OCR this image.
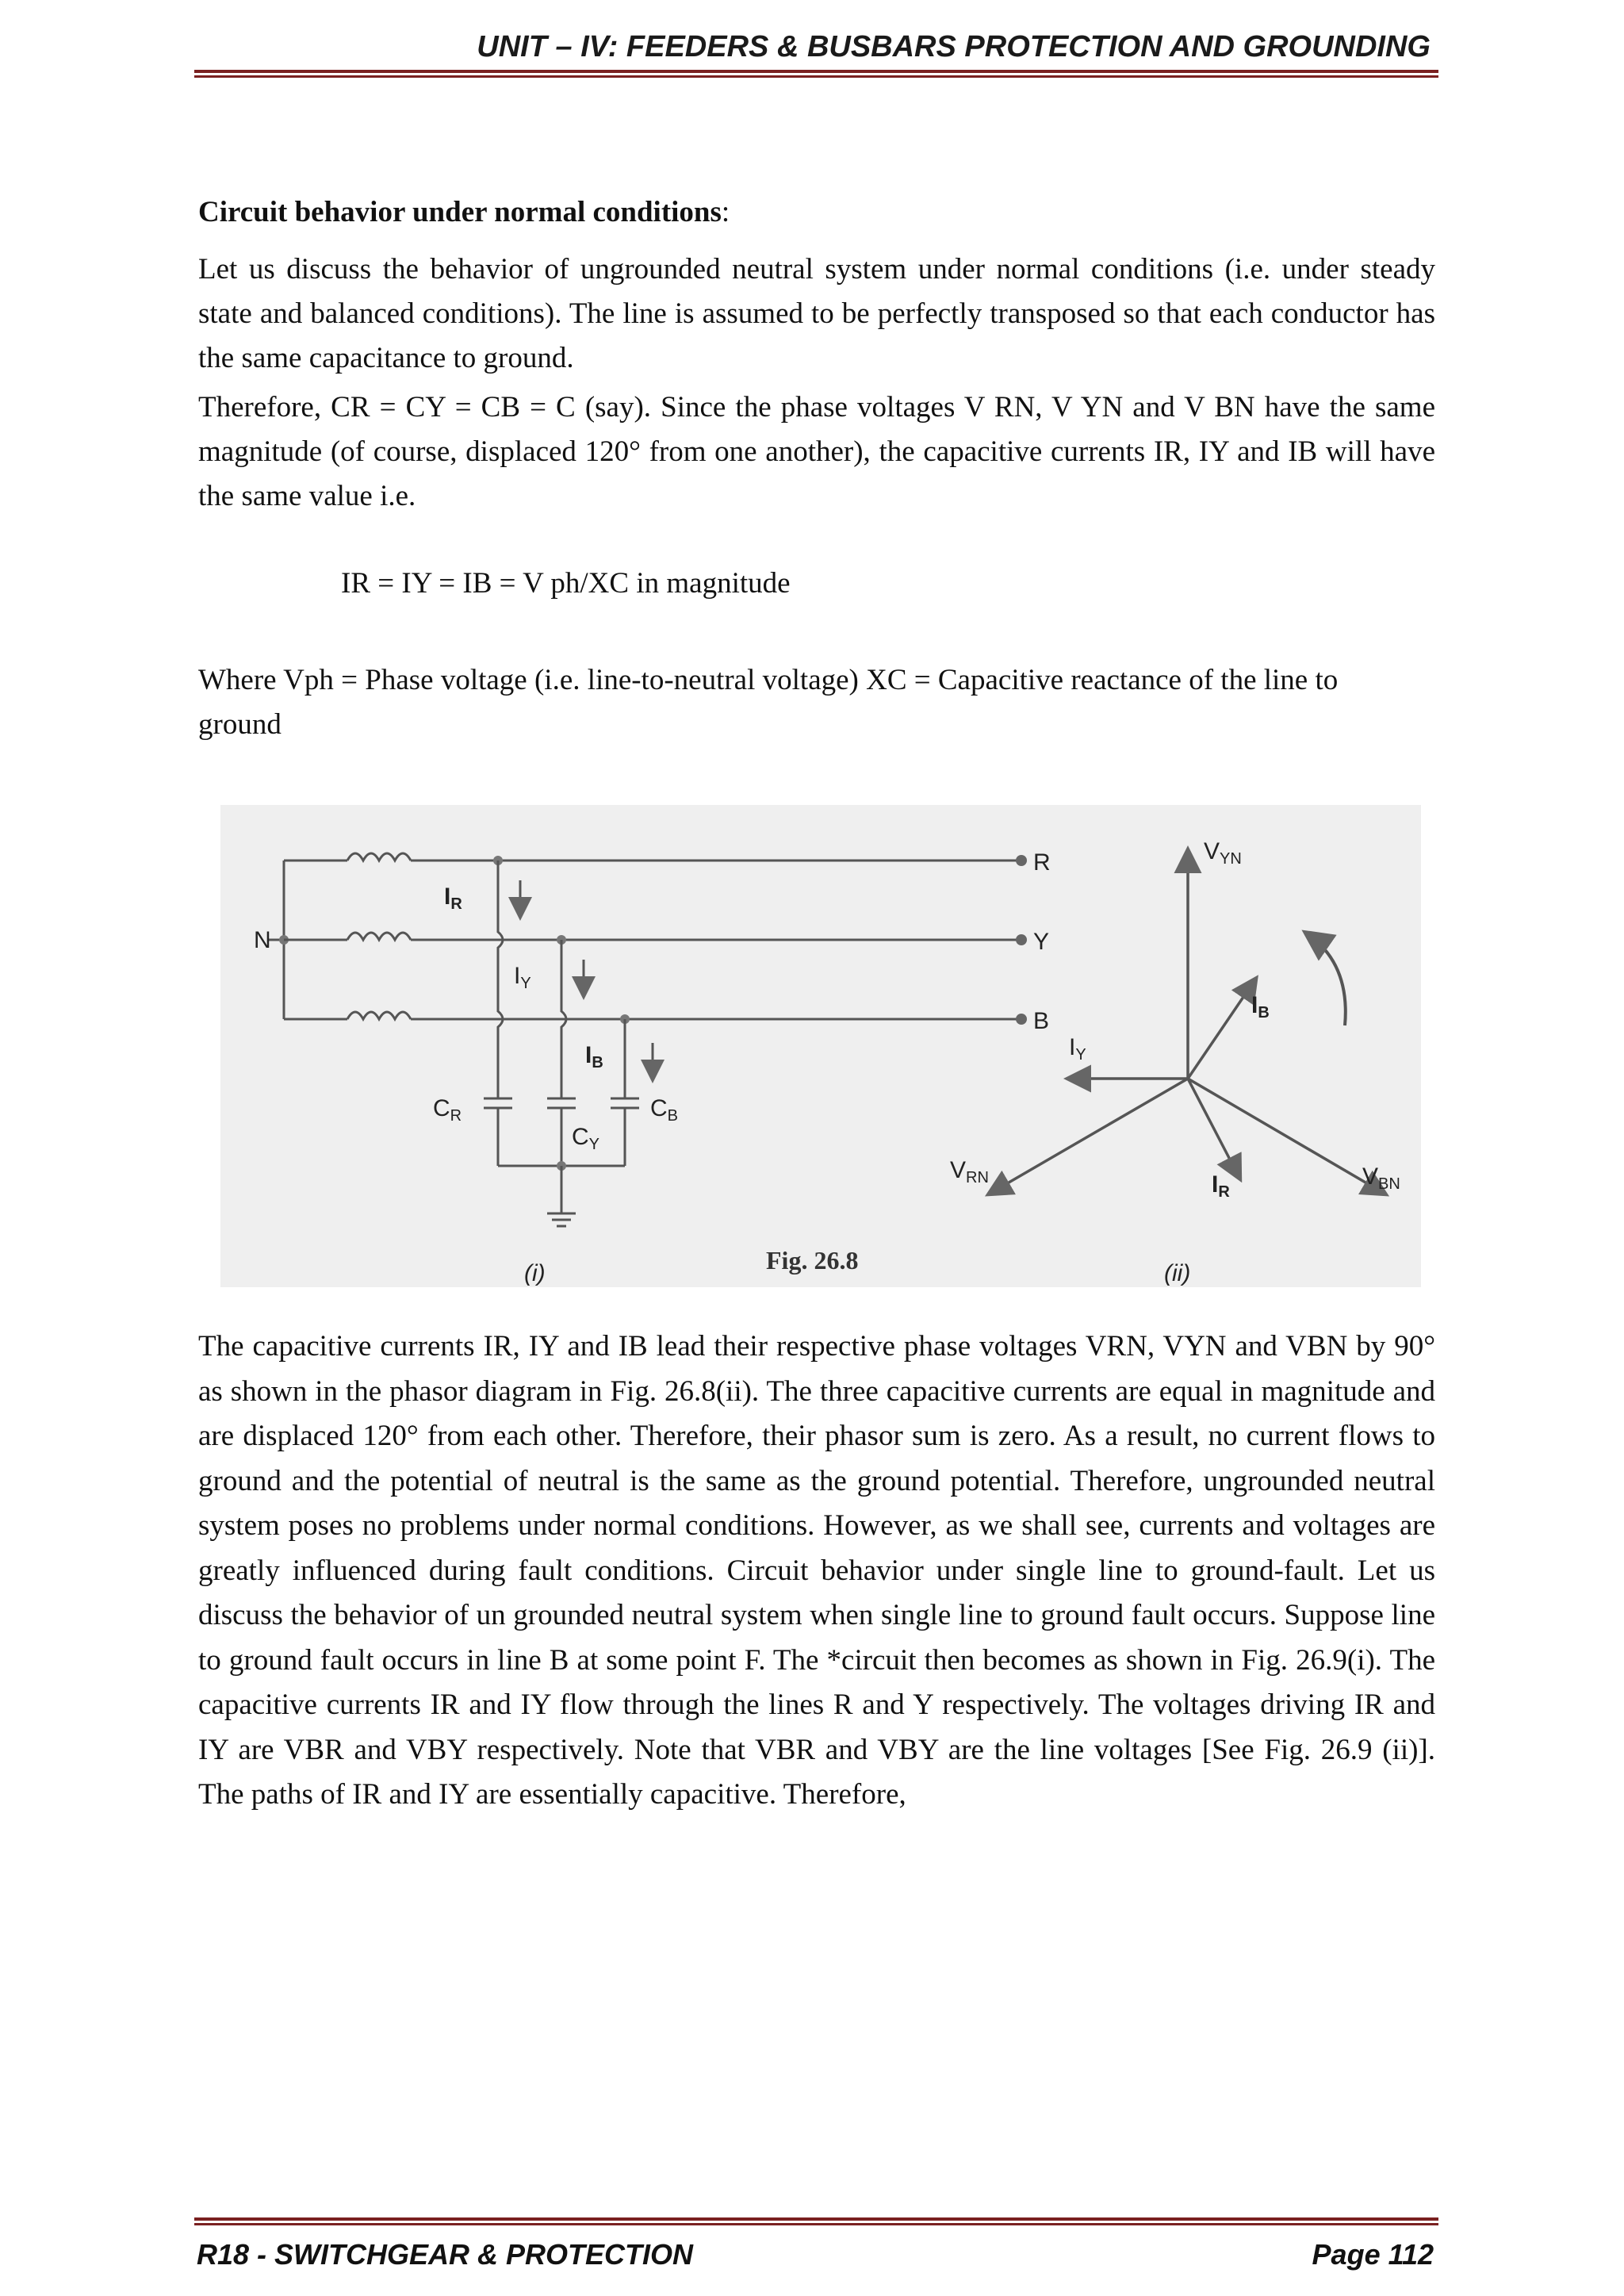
UNIT – IV: FEEDERS & BUSBARS PROTECTION AND GROUNDING
Circuit behavior under normal conditions:

Let us discuss the behavior of ungrounded neutral system under normal conditions (i.e. under steady state and balanced conditions). The line is assumed to be perfectly transposed so that each conductor has the same capacitance to ground.

Therefore, CR = CY = CB = C (say). Since the phase voltages V RN, V YN and V BN have the same magnitude (of course, displaced 120° from one another), the capacitive currents IR, IY and IB will have the same value i.e.

IR = IY = IB = V ph/XC in magnitude

Where Vph = Phase voltage (i.e. line-to-neutral voltage) XC = Capacitive reactance of the line to ground

N
R
Y
B
$I_R$
$I_Y$
$I_B$
$C_R$
$C_Y$
$C_B$
(i)	Fig. 26.8
$V_{YN}$
$V_{RN}$	$V_{BN}$
$I_B$
$I_Y$
$I_R$
(ii)

The capacitive currents IR, IY and IB lead their respective phase voltages VRN, VYN and VBN by 90° as shown in the phasor diagram in Fig. 26.8(ii). The three capacitive currents are equal in magnitude and are displaced 120° from each other. Therefore, their phasor sum is zero. As a result, no current flows to ground and the potential of neutral is the same as the ground potential. Therefore, ungrounded neutral system poses no problems under normal conditions. However, as we shall see, currents and voltages are greatly influenced during fault conditions. Circuit behavior under single line to ground-fault. Let us discuss the behavior of un grounded neutral system when single line to ground fault occurs. Suppose line to ground fault occurs in line B at some point F. The *circuit then becomes as shown in Fig. 26.9(i). The capacitive currents IR and IY flow through the lines R and Y respectively. The voltages driving IR and IY are VBR and VBY respectively. Note that VBR and VBY are the line voltages [See Fig. 26.9 (ii)]. The paths of IR and IY are essentially capacitive. Therefore,

R18 - SWITCHGEAR & PROTECTION	Page 112
